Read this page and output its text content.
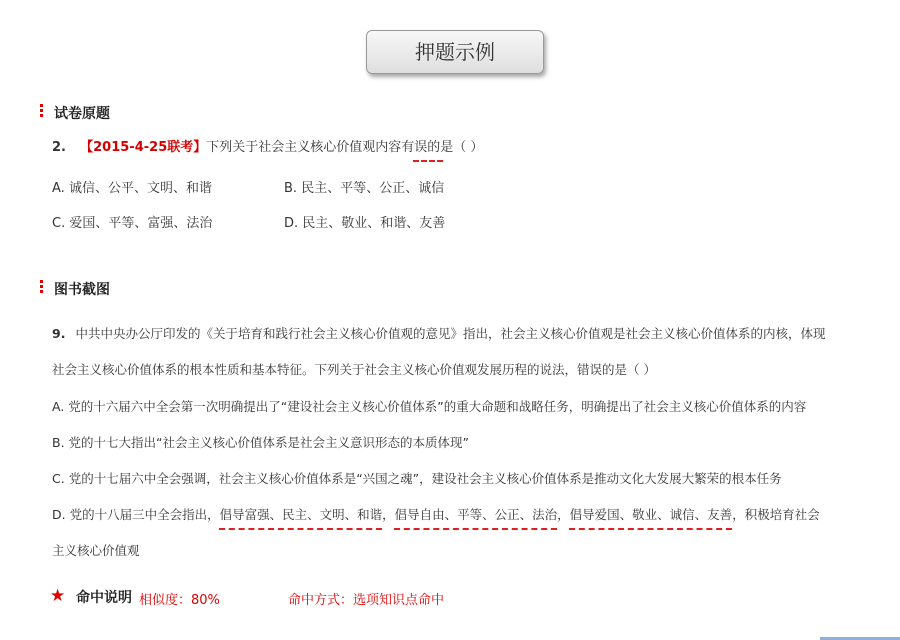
押题示例
试卷原题
2. 【2015-4-25联考】下列关于社会主义核心价值观内容有误的是（ ）
A. 诚信、公平、文明、和谐	B. 民主、平等、公正、诚信
C. 爱国、平等、富强、法治	D. 民主、敬业、和谐、友善
图书截图
9. 中共中央办公厅印发的《关于培育和践行社会主义核心价值观的意见》指出，社会主义核心价值观是社会主义核心价值体系的内核，体现
社会主义核心价值体系的根本性质和基本特征。下列关于社会主义核心价值观发展历程的说法，错误的是（ ）
A. 党的十六届六中全会第一次明确提出了“建设社会主义核心价值体系”的重大命题和战略任务，明确提出了社会主义核心价值体系的内容
B. 党的十七大指出“社会主义核心价值体系是社会主义意识形态的本质体现”
C. 党的十七届六中全会强调，社会主义核心价值体系是“兴国之魂”，建设社会主义核心价值体系是推动文化大发展大繁荣的根本任务
D. 党的十八届三中全会指出，倡导富强、民主、文明、和谐，倡导自由、平等、公正、法治，倡导爱国、敬业、诚信、友善，积极培育社会
主义核心价值观
★ 命中说明 相似度：80%	命中方式：选项知识点命中
